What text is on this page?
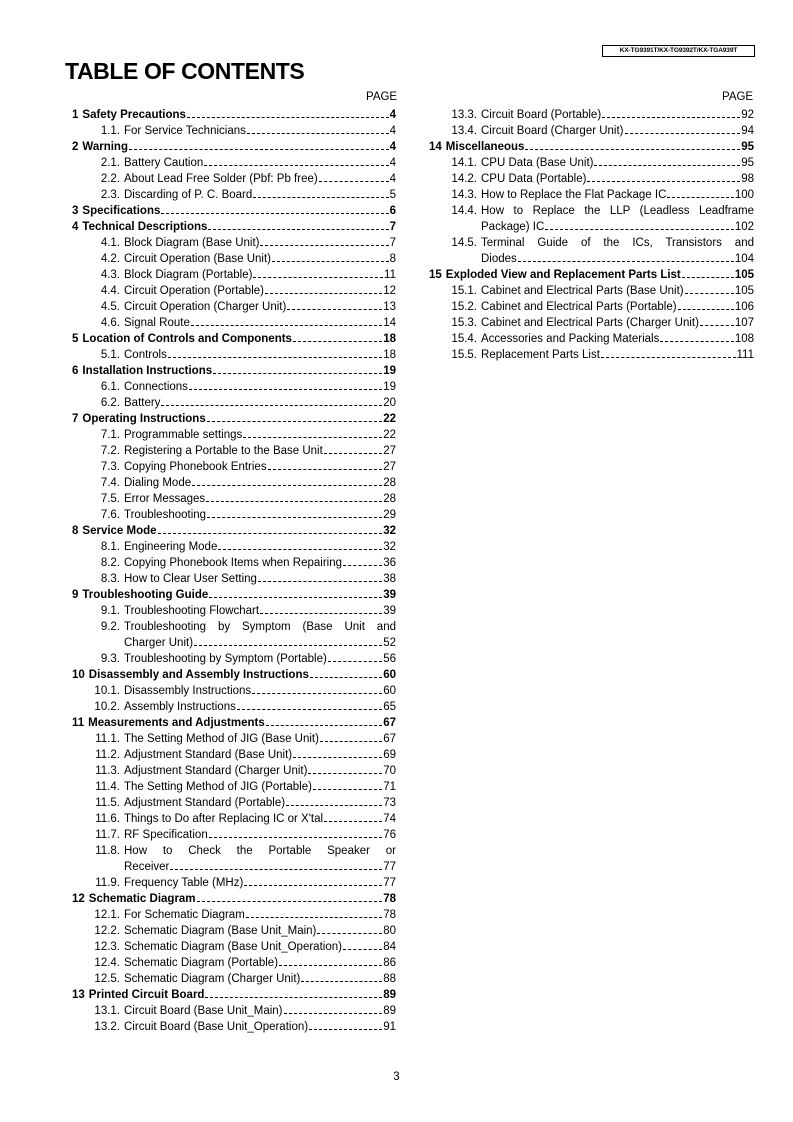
KX-TG9391T/KX-TG9392T/KX-TGA939T
TABLE OF CONTENTS
PAGE	PAGE
1 Safety Precautions	4
1.1. For Service Technicians	4
2 Warning	4
2.1. Battery Caution	4
2.2. About Lead Free Solder (Pbf: Pb free)	4
2.3. Discarding of P. C. Board	5
3 Specifications	6
4 Technical Descriptions	7
4.1. Block Diagram (Base Unit)	7
4.2. Circuit Operation (Base Unit)	8
4.3. Block Diagram (Portable)	11
4.4. Circuit Operation (Portable)	12
4.5. Circuit Operation (Charger Unit)	13
4.6. Signal Route	14
5 Location of Controls and Components	18
5.1. Controls	18
6 Installation Instructions	19
6.1. Connections	19
6.2. Battery	20
7 Operating Instructions	22
7.1. Programmable settings	22
7.2. Registering a Portable to the Base Unit	27
7.3. Copying Phonebook Entries	27
7.4. Dialing Mode	28
7.5. Error Messages	28
7.6. Troubleshooting	29
8 Service Mode	32
8.1. Engineering Mode	32
8.2. Copying Phonebook Items when Repairing	36
8.3. How to Clear User Setting	38
9 Troubleshooting Guide	39
9.1. Troubleshooting Flowchart	39
9.2. Troubleshooting by Symptom (Base Unit and
Charger Unit)	52
9.3. Troubleshooting by Symptom (Portable)	56
10 Disassembly and Assembly Instructions	60
10.1. Disassembly Instructions	60
10.2. Assembly Instructions	65
11 Measurements and Adjustments	67
11.1. The Setting Method of JIG (Base Unit)	67
11.2. Adjustment Standard (Base Unit)	69
11.3. Adjustment Standard (Charger Unit)	70
11.4. The Setting Method of JIG (Portable)	71
11.5. Adjustment Standard (Portable)	73
11.6. Things to Do after Replacing IC or X'tal	74
11.7. RF Specification	76
11.8. How to Check the Portable Speaker or
Receiver	77
11.9. Frequency Table (MHz)	77
12 Schematic Diagram	78
12.1. For Schematic Diagram	78
12.2. Schematic Diagram (Base Unit_Main)	80
12.3. Schematic Diagram (Base Unit_Operation)	84
12.4. Schematic Diagram (Portable)	86
12.5. Schematic Diagram (Charger Unit)	88
13 Printed Circuit Board	89
13.1. Circuit Board (Base Unit_Main)	89
13.2. Circuit Board (Base Unit_Operation)	91
13.3. Circuit Board (Portable)	92
13.4. Circuit Board (Charger Unit)	94
14 Miscellaneous	95
14.1. CPU Data (Base Unit)	95
14.2. CPU Data (Portable)	98
14.3. How to Replace the Flat Package IC	100
14.4. How to Replace the LLP (Leadless Leadframe
Package) IC	102
14.5. Terminal Guide of the ICs, Transistors and
Diodes	104
15 Exploded View and Replacement Parts List	105
15.1. Cabinet and Electrical Parts (Base Unit)	105
15.2. Cabinet and Electrical Parts (Portable)	106
15.3. Cabinet and Electrical Parts (Charger Unit)	107
15.4. Accessories and Packing Materials	108
15.5. Replacement Parts List	111
3
